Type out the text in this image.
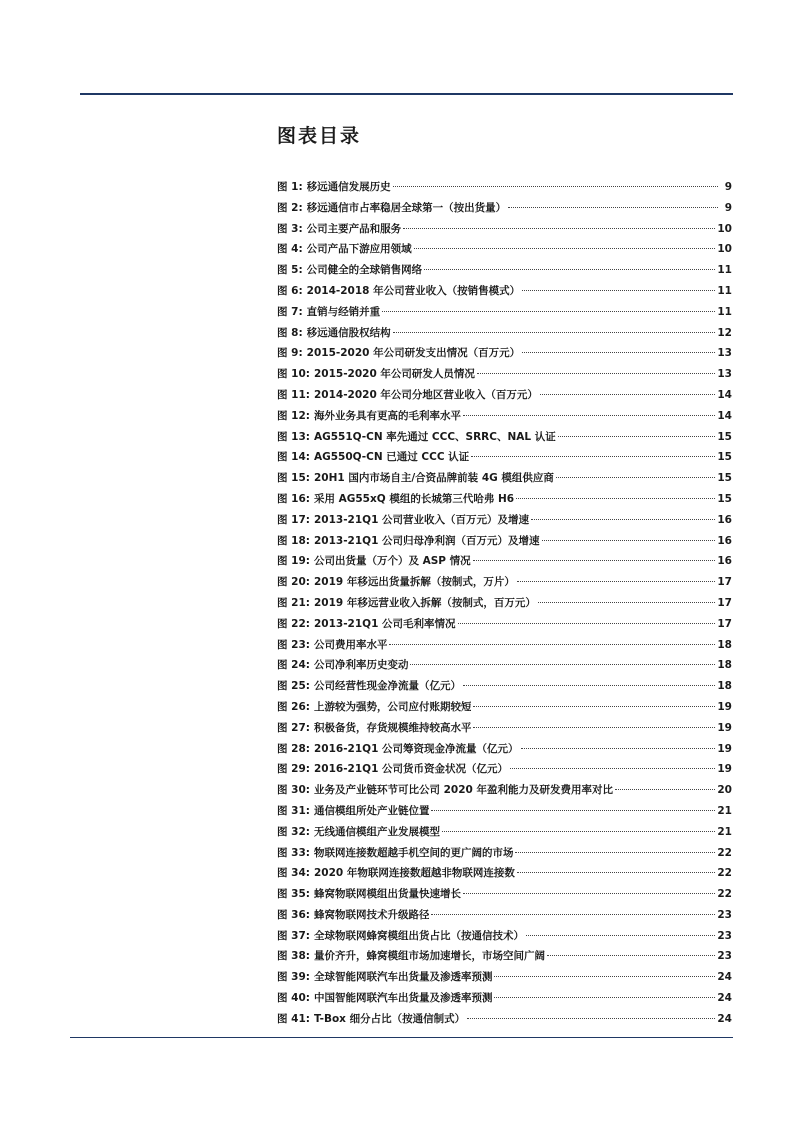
图表目录
图 1: 移远通信发展历史	9
图 2: 移远通信市占率稳居全球第一（按出货量）	9
图 3: 公司主要产品和服务	10
图 4: 公司产品下游应用领域	10
图 5: 公司健全的全球销售网络	11
图 6: 2014-2018 年公司营业收入（按销售模式）	11
图 7: 直销与经销并重	11
图 8: 移远通信股权结构	12
图 9: 2015-2020 年公司研发支出情况（百万元）	13
图 10: 2015-2020 年公司研发人员情况	13
图 11: 2014-2020 年公司分地区营业收入（百万元）	14
图 12: 海外业务具有更高的毛利率水平	14
图 13: AG551Q-CN 率先通过 CCC、SRRC、NAL 认证	15
图 14: AG550Q-CN 已通过 CCC 认证	15
图 15: 20H1 国内市场自主/合资品牌前装 4G 模组供应商	15
图 16: 采用 AG55xQ 模组的长城第三代哈弗 H6	15
图 17: 2013-21Q1 公司营业收入（百万元）及增速	16
图 18: 2013-21Q1 公司归母净利润（百万元）及增速	16
图 19: 公司出货量（万个）及 ASP 情况	16
图 20: 2019 年移远出货量拆解（按制式，万片）	17
图 21: 2019 年移远营业收入拆解（按制式，百万元）	17
图 22: 2013-21Q1 公司毛利率情况	17
图 23: 公司费用率水平	18
图 24: 公司净利率历史变动	18
图 25: 公司经营性现金净流量（亿元）	18
图 26: 上游较为强势，公司应付账期较短	19
图 27: 积极备货，存货规模维持较高水平	19
图 28: 2016-21Q1 公司筹资现金净流量（亿元）	19
图 29: 2016-21Q1 公司货币资金状况（亿元）	19
图 30: 业务及产业链环节可比公司 2020 年盈利能力及研发费用率对比	20
图 31: 通信模组所处产业链位置	21
图 32: 无线通信模组产业发展模型	21
图 33: 物联网连接数超越手机空间的更广阔的市场	22
图 34: 2020 年物联网连接数超越非物联网连接数	22
图 35: 蜂窝物联网模组出货量快速增长	22
图 36: 蜂窝物联网技术升级路径	23
图 37: 全球物联网蜂窝模组出货占比（按通信技术）	23
图 38: 量价齐升，蜂窝模组市场加速增长，市场空间广阔	23
图 39: 全球智能网联汽车出货量及渗透率预测	24
图 40: 中国智能网联汽车出货量及渗透率预测	24
图 41: T-Box 细分占比（按通信制式）	24
